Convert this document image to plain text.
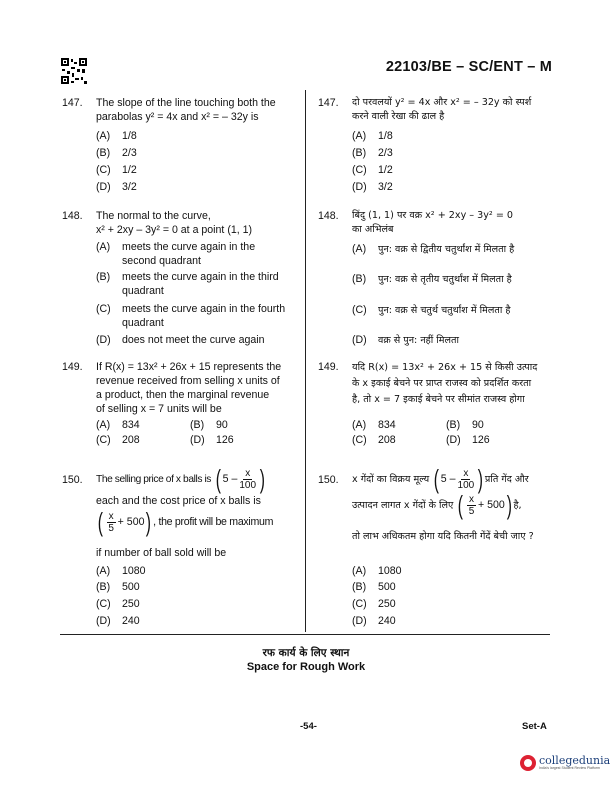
22103/BE – SC/ENT – M
147. The slope of the line touching both the
parabolas y² = 4x and x² = – 32y is
(A) 1/8
(B) 2/3
(C) 1/2
(D) 3/2
148. The normal to the curve,
x² + 2xy – 3y² = 0 at a point (1, 1)
(A) meets the curve again in the
second quadrant
(B) meets the curve again in the third
quadrant
(C) meets the curve again in the fourth
quadrant
(D) does not meet the curve again
149. If R(x) = 13x² + 26x + 15 represents the
revenue received from selling x units of
a product, then the marginal revenue
of selling x = 7 units will be
(A) 834	(B) 90
(C) 208	(D) 126
150. The selling price of x balls is ( $5 - \frac{x}{100}$ )
each and the cost price of x balls is
( $\frac{x}{5} + 500$) , the profit will be maximum
if number of ball sold will be
(A) 1080
(B) 500
(C) 250
(D) 240
147. दो परवलयों y² = 4x और x² = – 32y को स्पर्श
करने वाली रेखा की ढाल है
(A) 1/8
(B) 2/3
(C) 1/2
(D) 3/2
148. बिंदु (1, 1) पर वक्र x² + 2xy – 3y² = 0
का अभिलंब
(A) पुन: वक्र से द्वितीय चतुर्थांश में मिलता है
(B) पुन: वक्र से तृतीय चतुर्थांश में मिलता है
(C) पुन: वक्र से चतुर्थ चतुर्थांश में मिलता है
(D) वक्र से पुन: नहीं मिलता
149. यदि R(x) = 13x² + 26x + 15 से किसी उत्पाद
के x इकाई बेचने पर प्राप्त राजस्व को प्रदर्शित करता
है, तो x = 7 इकाई बेचने पर सीमांत राजस्व होगा
(A) 834	(B) 90
(C) 208	(D) 126
150. x गेंदों का विक्रय मूल्य ( $5 - \frac{x}{100}$ ) प्रति गेंद और
उत्पादन लागत x गेंदों के लिए ( $\frac{x}{5} + 500$) है,
तो लाभ अधिकतम होगा यदि कितनी गेंदें बेची जाए ?
(A) 1080
(B) 500
(C) 250
(D) 240
रफ कार्य के लिए स्थान
Space for Rough Work
-54-	Set-A
collegedunia
India's largest Student Review Platform
